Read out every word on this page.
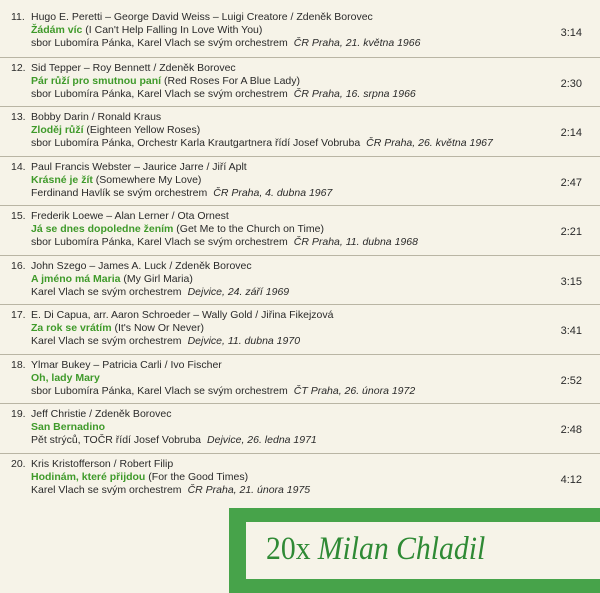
11. Hugo E. Peretti – George David Weiss – Luigi Creatore / Zdeněk Borovec
Žádám víc (I Can't Help Falling In Love With You)
sbor Lubomíra Pánka, Karel Vlach se svým orchestrem ČR Praha, 21. května 1966
3:14
12. Sid Tepper – Roy Bennett / Zdeněk Borovec
Pár růží pro smutnou paní (Red Roses For A Blue Lady)
sbor Lubomíra Pánka, Karel Vlach se svým orchestrem ČR Praha, 16. srpna 1966
2:30
13. Bobby Darin / Ronald Kraus
Zloděj růží (Eighteen Yellow Roses)
sbor Lubomíra Pánka, Orchestr Karla Krautgartnera řídí Josef Vobruba ČR Praha, 26. května 1967
2:14
14. Paul Francis Webster – Jaurice Jarre / Jiří Aplt
Krásné je žít (Somewhere My Love)
Ferdinand Havlík se svým orchestrem ČR Praha, 4. dubna 1967
2:47
15. Frederik Loewe – Alan Lerner / Ota Ornest
Já se dnes dopoledne žením (Get Me to the Church on Time)
sbor Lubomíra Pánka, Karel Vlach se svým orchestrem ČR Praha, 11. dubna 1968
2:21
16. John Szego – James A. Luck / Zdeněk Borovec
A jméno má Maria (My Girl Maria)
Karel Vlach se svým orchestrem Dejvice, 24. září 1969
3:15
17. E. Di Capua, arr. Aaron Schroeder – Wally Gold / Jiřina Fikejzová
Za rok se vrátím (It's Now Or Never)
Karel Vlach se svým orchestrem Dejvice, 11. dubna 1970
3:41
18. Ylmar Bukey – Patricia Carli / Ivo Fischer
Oh, lady Mary
sbor Lubomíra Pánka, Karel Vlach se svým orchestrem ČT Praha, 26. února 1972
2:52
19. Jeff Christie / Zdeněk Borovec
San Bernadino
Pět strýců, TOČR řídí Josef Vobruba Dejvice, 26. ledna 1971
2:48
20. Kris Kristofferson / Robert Filip
Hodinám, které přijdou (For the Good Times)
Karel Vlach se svým orchestrem ČR Praha, 21. února 1975
4:12
20x Milan Chladil
